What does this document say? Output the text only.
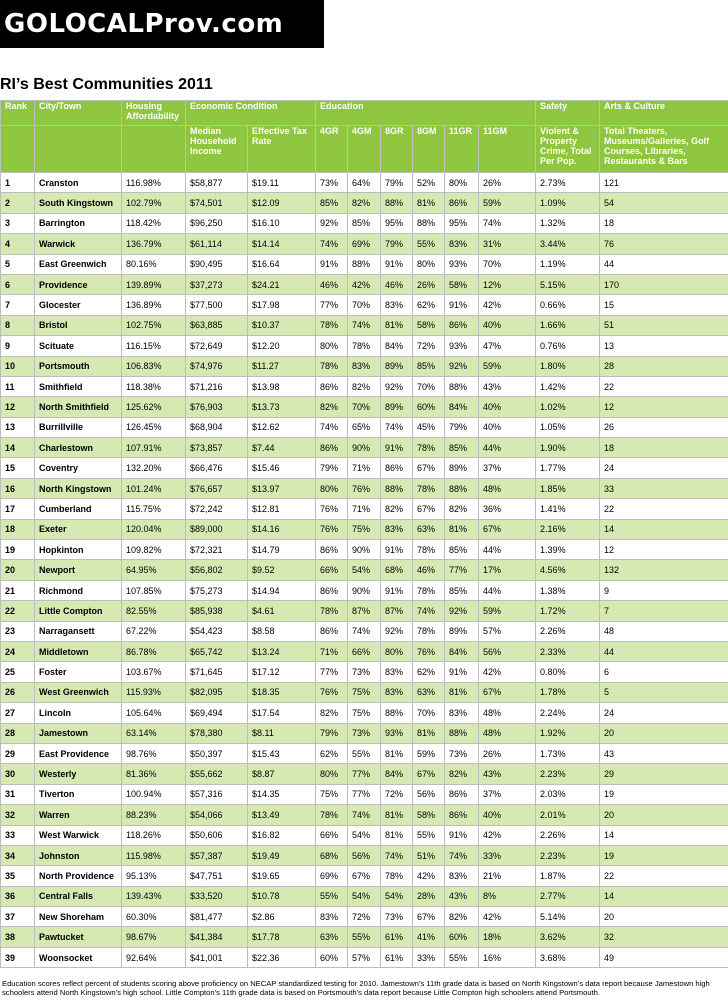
GOLOCALProv.com
RI’s Best Communities 2011
Rank	City/Town	Housing Affordability	Economic Condition		Education						Safety	Arts & Culture
			Median Household Income	Effective Tax Rate	4GR	4GM	8GR	8GM	11GR	11GM	Violent & Property Crime, Total Per Pop.	Total Theaters, Museums/Galleries, Golf Courses, Libraries, Restaurants & Bars
1	Cranston	116.98%	$58,877	$19.11	73%	64%	79%	52%	80%	26%	2.73%	121
2	South Kingstown	102.79%	$74,501	$12.09	85%	82%	88%	81%	86%	59%	1.09%	54
3	Barrington	118.42%	$96,250	$16.10	92%	85%	95%	88%	95%	74%	1.32%	18
4	Warwick	136.79%	$61,114	$14.14	74%	69%	79%	55%	83%	31%	3.44%	76
5	East Greenwich	80.16%	$90,495	$16.64	91%	88%	91%	80%	93%	70%	1.19%	44
6	Providence	139.89%	$37,273	$24.21	46%	42%	46%	26%	58%	12%	5.15%	170
7	Glocester	136.89%	$77,500	$17.98	77%	70%	83%	62%	91%	42%	0.66%	15
8	Bristol	102.75%	$63,885	$10.37	78%	74%	81%	58%	86%	40%	1.66%	51
9	Scituate	116.15%	$72,649	$12.20	80%	78%	84%	72%	93%	47%	0.76%	13
10	Portsmouth	106.83%	$74,976	$11.27	78%	83%	89%	85%	92%	59%	1.80%	28
11	Smithfield	118.38%	$71,216	$13.98	86%	82%	92%	70%	88%	43%	1.42%	22
12	North Smithfield	125.62%	$76,903	$13.73	82%	70%	89%	60%	84%	40%	1.02%	12
13	Burrillville	126.45%	$68,904	$12.62	74%	65%	74%	45%	79%	40%	1.05%	26
14	Charlestown	107.91%	$73,857	$7.44	86%	90%	91%	78%	85%	44%	1.90%	18
15	Coventry	132.20%	$66,476	$15.46	79%	71%	86%	67%	89%	37%	1.77%	24
16	North Kingstown	101.24%	$76,657	$13.97	80%	76%	88%	78%	88%	48%	1.85%	33
17	Cumberland	115.75%	$72,242	$12.81	76%	71%	82%	67%	82%	36%	1.41%	22
18	Exeter	120.04%	$89,000	$14.16	76%	75%	83%	63%	81%	67%	2.16%	14
19	Hopkinton	109.82%	$72,321	$14.79	86%	90%	91%	78%	85%	44%	1.39%	12
20	Newport	64.95%	$56,802	$9.52	66%	54%	68%	46%	77%	17%	4.56%	132
21	Richmond	107.85%	$75,273	$14.94	86%	90%	91%	78%	85%	44%	1.38%	9
22	Little Compton	82.55%	$85,938	$4.61	78%	87%	87%	74%	92%	59%	1.72%	7
23	Narragansett	67.22%	$54,423	$8.58	86%	74%	92%	78%	89%	57%	2.26%	48
24	Middletown	86.78%	$65,742	$13.24	71%	66%	80%	76%	84%	56%	2.33%	44
25	Foster	103.67%	$71,645	$17.12	77%	73%	83%	62%	91%	42%	0.80%	6
26	West Greenwich	115.93%	$82,095	$18.35	76%	75%	83%	63%	81%	67%	1.78%	5
27	Lincoln	105.64%	$69,494	$17.54	82%	75%	88%	70%	83%	48%	2.24%	24
28	Jamestown	63.14%	$78,380	$8.11	79%	73%	93%	81%	88%	48%	1.92%	20
29	East Providence	98.76%	$50,397	$15.43	62%	55%	81%	59%	73%	26%	1.73%	43
30	Westerly	81.36%	$55,662	$8.87	80%	77%	84%	67%	82%	43%	2.23%	29
31	Tiverton	100.94%	$57,316	$14.35	75%	77%	72%	56%	86%	37%	2.03%	19
32	Warren	88.23%	$54,066	$13.49	78%	74%	81%	58%	86%	40%	2.01%	20
33	West Warwick	118.26%	$50,606	$16.82	66%	54%	81%	55%	91%	42%	2.26%	14
34	Johnston	115.98%	$57,387	$19.49	68%	56%	74%	51%	74%	33%	2.23%	19
35	North Providence	95.13%	$47,751	$19.65	69%	67%	78%	42%	83%	21%	1.87%	22
36	Central Falls	139.43%	$33,520	$10.78	55%	54%	54%	28%	43%	8%	2.77%	14
37	New Shoreham	60.30%	$81,477	$2.86	83%	72%	73%	67%	82%	42%	5.14%	20
38	Pawtucket	98.67%	$41,384	$17.78	63%	55%	61%	41%	60%	18%	3.62%	32
39	Woonsocket	92.64%	$41,001	$22.36	60%	57%	61%	33%	55%	16%	3.68%	49
Education scores reflect percent of students scoring above proficiency on NECAP standardized testing for 2010. Jamestown’s 11th grade data is based on North Kingstown’s data report because Jamestown high schoolers attend North Kingstown’s high school. Little Compton’s 11th grade data is based on Portsmouth’s data report because Little Compton high schoolers attend Portsmouth.
